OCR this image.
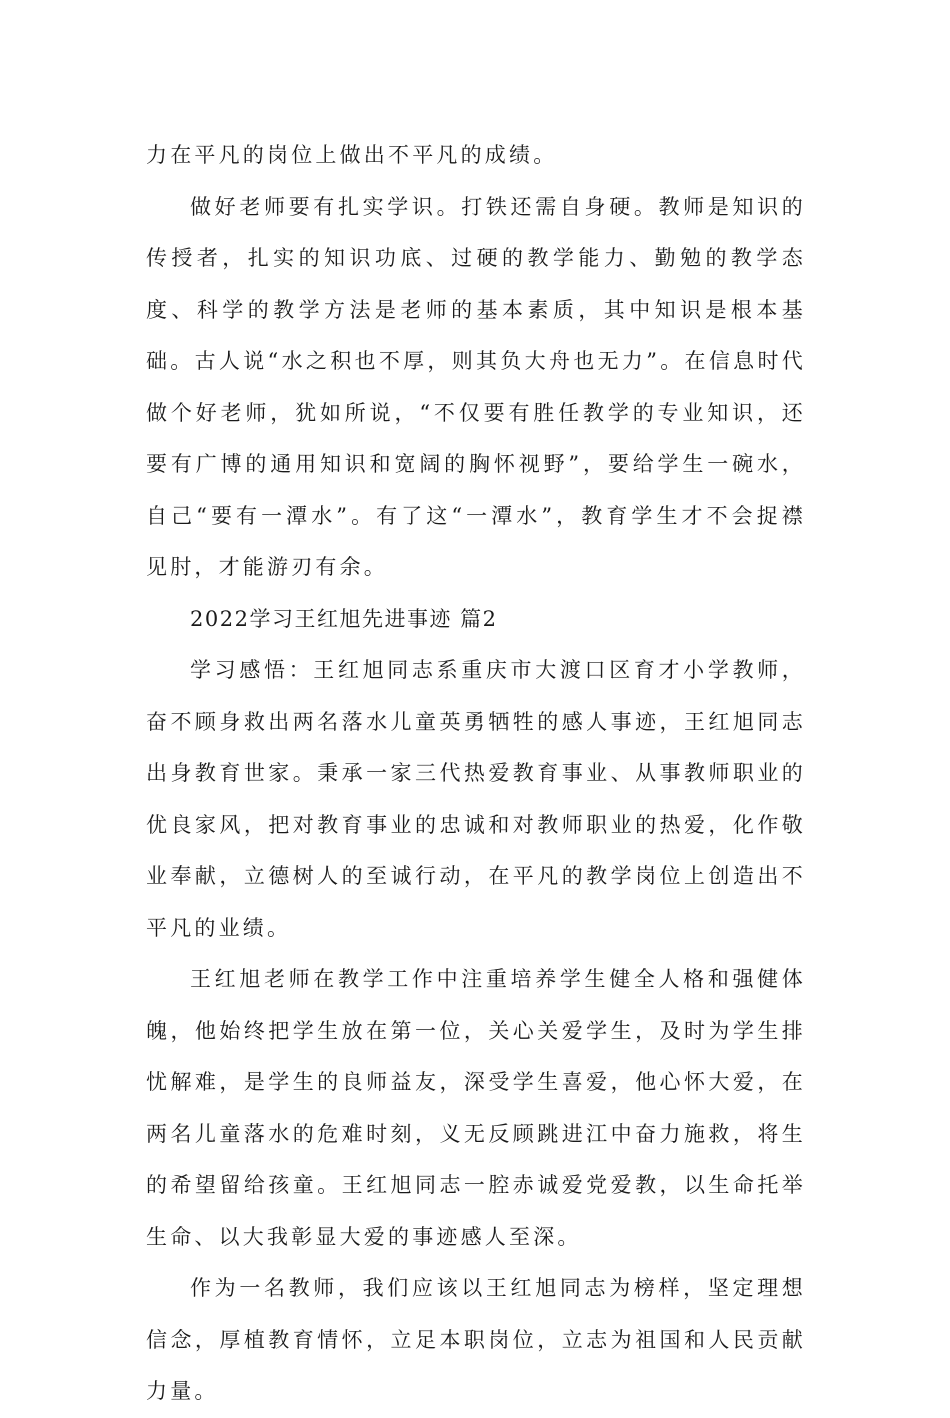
力在平凡的岗位上做出不平凡的成绩。

做好老师要有扎实学识。打铁还需自身硬。教师是知识的传授者，扎实的知识功底、过硬的教学能力、勤勉的教学态度、科学的教学方法是老师的基本素质，其中知识是根本基础。古人说“水之积也不厚，则其负大舟也无力”。在信息时代做个好老师，犹如所说，“不仅要有胜任教学的专业知识，还要有广博的通用知识和宽阔的胸怀视野”，要给学生一碗水，自己“要有一潭水”。有了这“一潭水”，教育学生才不会捉襟见肘，才能游刃有余。

2022学习王红旭先进事迹 篇2

学习感悟：王红旭同志系重庆市大渡口区育才小学教师，奋不顾身救出两名落水儿童英勇牺牲的感人事迹，王红旭同志出身教育世家。秉承一家三代热爱教育事业、从事教师职业的优良家风，把对教育事业的忠诚和对教师职业的热爱，化作敬业奉献，立德树人的至诚行动，在平凡的教学岗位上创造出不平凡的业绩。

王红旭老师在教学工作中注重培养学生健全人格和强健体魄，他始终把学生放在第一位，关心关爱学生，及时为学生排忧解难，是学生的良师益友，深受学生喜爱，他心怀大爱，在两名儿童落水的危难时刻，义无反顾跳进江中奋力施救，将生的希望留给孩童。王红旭同志一腔赤诚爱党爱教，以生命托举生命、以大我彰显大爱的事迹感人至深。

作为一名教师，我们应该以王红旭同志为榜样，坚定理想信念，厚植教育情怀，立足本职岗位，立志为祖国和人民贡献力量。
